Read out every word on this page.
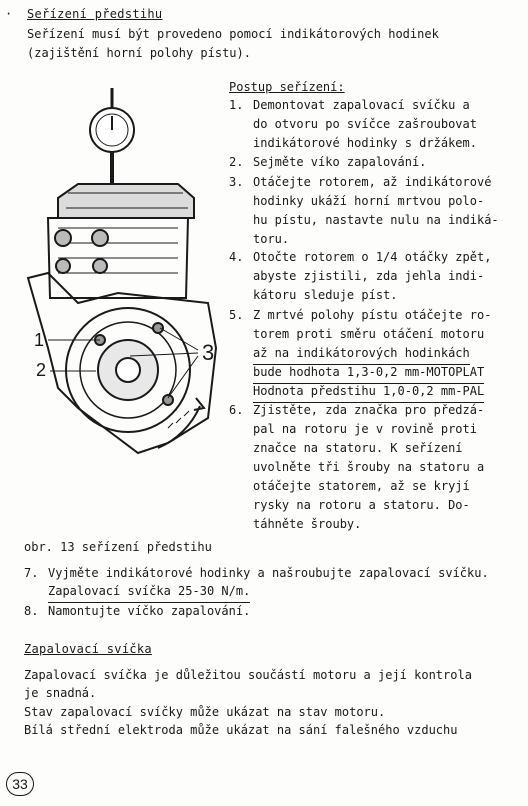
· Seřízení předstihu
Seřízení musí být provedeno pomocí indikátorových hodinek
(zajištění horní polohy pístu).
1
2
3
Postup seřízení:
1. Demontovat zapalovací svíčku a
do otvoru po svíčce zašroubovat
indikátorové hodinky s držákem.
2. Sejměte víko zapalování.
3. Otáčejte rotorem, až indikátorové
hodinky ukáží horní mrtvou polo-
hu pístu, nastavte nulu na indiká-
toru.
4. Otočte rotorem o 1/4 otáčky zpět,
abyste zjistili, zda jehla indi-
kátoru sleduje píst.
5. Z mrtvé polohy pístu otáčejte ro-
torem proti směru otáčení motoru
až na indikátorových hodinkách
bude hodhota 1,3-0,2 mm-MOTOPLAT
Hodnota předstihu 1,0-0,2 mm-PAL
6. Zjistěte, zda značka pro předzá-
pal na rotoru je v rovině proti
značce na statoru. K seřízení
uvolněte tři šrouby na statoru a
otáčejte statorem, až se kryjí
rysky na rotoru a statoru. Do-
táhněte šrouby.
obr. 13 seřízení předstihu
7. Vyjměte indikátorové hodinky a našroubujte zapalovací svíčku.
Zapalovací svíčka 25-30 N/m.
8. Namontujte víčko zapalování.
Zapalovací svíčka
Zapalovací svíčka je důležitou součástí motoru a její kontrola
je snadná.
Stav zapalovací svíčky může ukázat na stav motoru.
Bílá střední elektroda může ukázat na sání falešného vzduchu
33
